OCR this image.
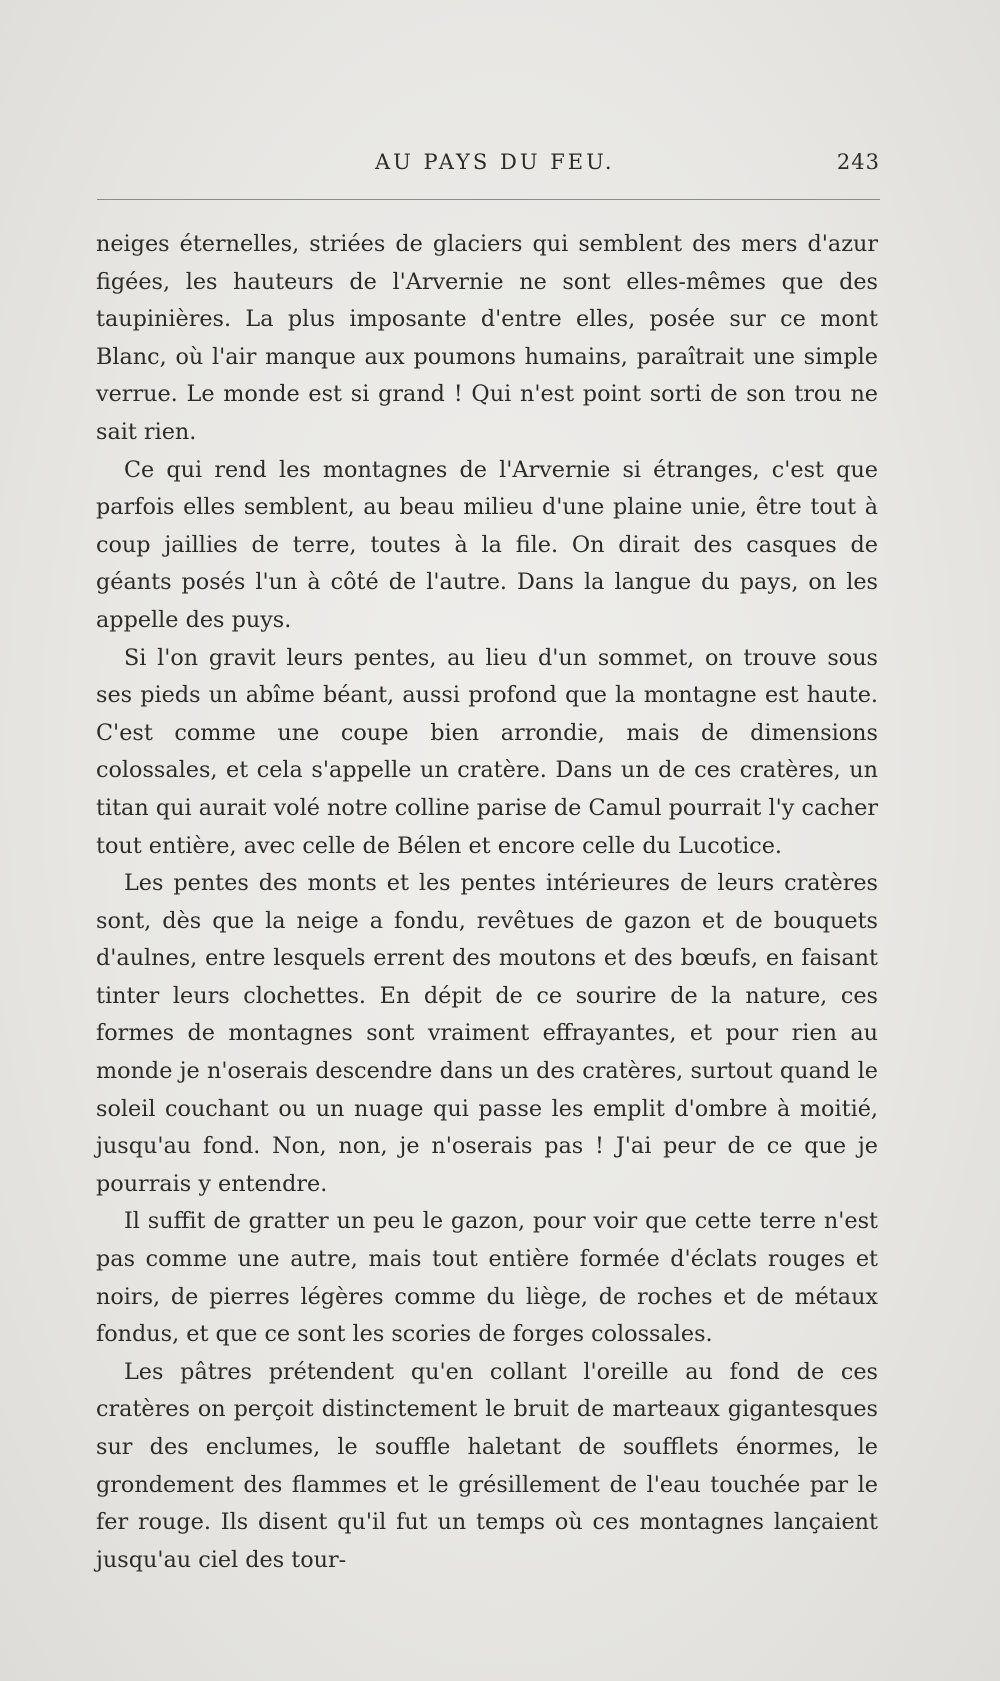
AU PAYS DU FEU.	243

neiges éternelles, striées de glaciers qui semblent des mers d'azur figées, les hauteurs de l'Arvernie ne sont elles-mêmes que des taupinières. La plus imposante d'entre elles, posée sur ce mont Blanc, où l'air manque aux poumons humains, paraîtrait une simple verrue. Le monde est si grand ! Qui n'est point sorti de son trou ne sait rien.

Ce qui rend les montagnes de l'Arvernie si étranges, c'est que parfois elles semblent, au beau milieu d'une plaine unie, être tout à coup jaillies de terre, toutes à la file. On dirait des casques de géants posés l'un à côté de l'autre. Dans la langue du pays, on les appelle des puys.

Si l'on gravit leurs pentes, au lieu d'un sommet, on trouve sous ses pieds un abîme béant, aussi profond que la montagne est haute. C'est comme une coupe bien arrondie, mais de dimensions colossales, et cela s'appelle un cratère. Dans un de ces cratères, un titan qui aurait volé notre colline parise de Camul pourrait l'y cacher tout entière, avec celle de Bélen et encore celle du Lucotice.

Les pentes des monts et les pentes intérieures de leurs cratères sont, dès que la neige a fondu, revêtues de gazon et de bouquets d'aulnes, entre lesquels errent des moutons et des bœufs, en faisant tinter leurs clochettes. En dépit de ce sourire de la nature, ces formes de montagnes sont vraiment effrayantes, et pour rien au monde je n'oserais descendre dans un des cratères, surtout quand le soleil couchant ou un nuage qui passe les emplit d'ombre à moitié, jusqu'au fond. Non, non, je n'oserais pas ! J'ai peur de ce que je pourrais y entendre.

Il suffit de gratter un peu le gazon, pour voir que cette terre n'est pas comme une autre, mais tout entière formée d'éclats rouges et noirs, de pierres légères comme du liège, de roches et de métaux fondus, et que ce sont les scories de forges colossales.

Les pâtres prétendent qu'en collant l'oreille au fond de ces cratères on perçoit distinctement le bruit de marteaux gigantesques sur des enclumes, le souffle haletant de soufflets énormes, le grondement des flammes et le grésillement de l'eau touchée par le fer rouge. Ils disent qu'il fut un temps où ces montagnes lançaient jusqu'au ciel des tour-
